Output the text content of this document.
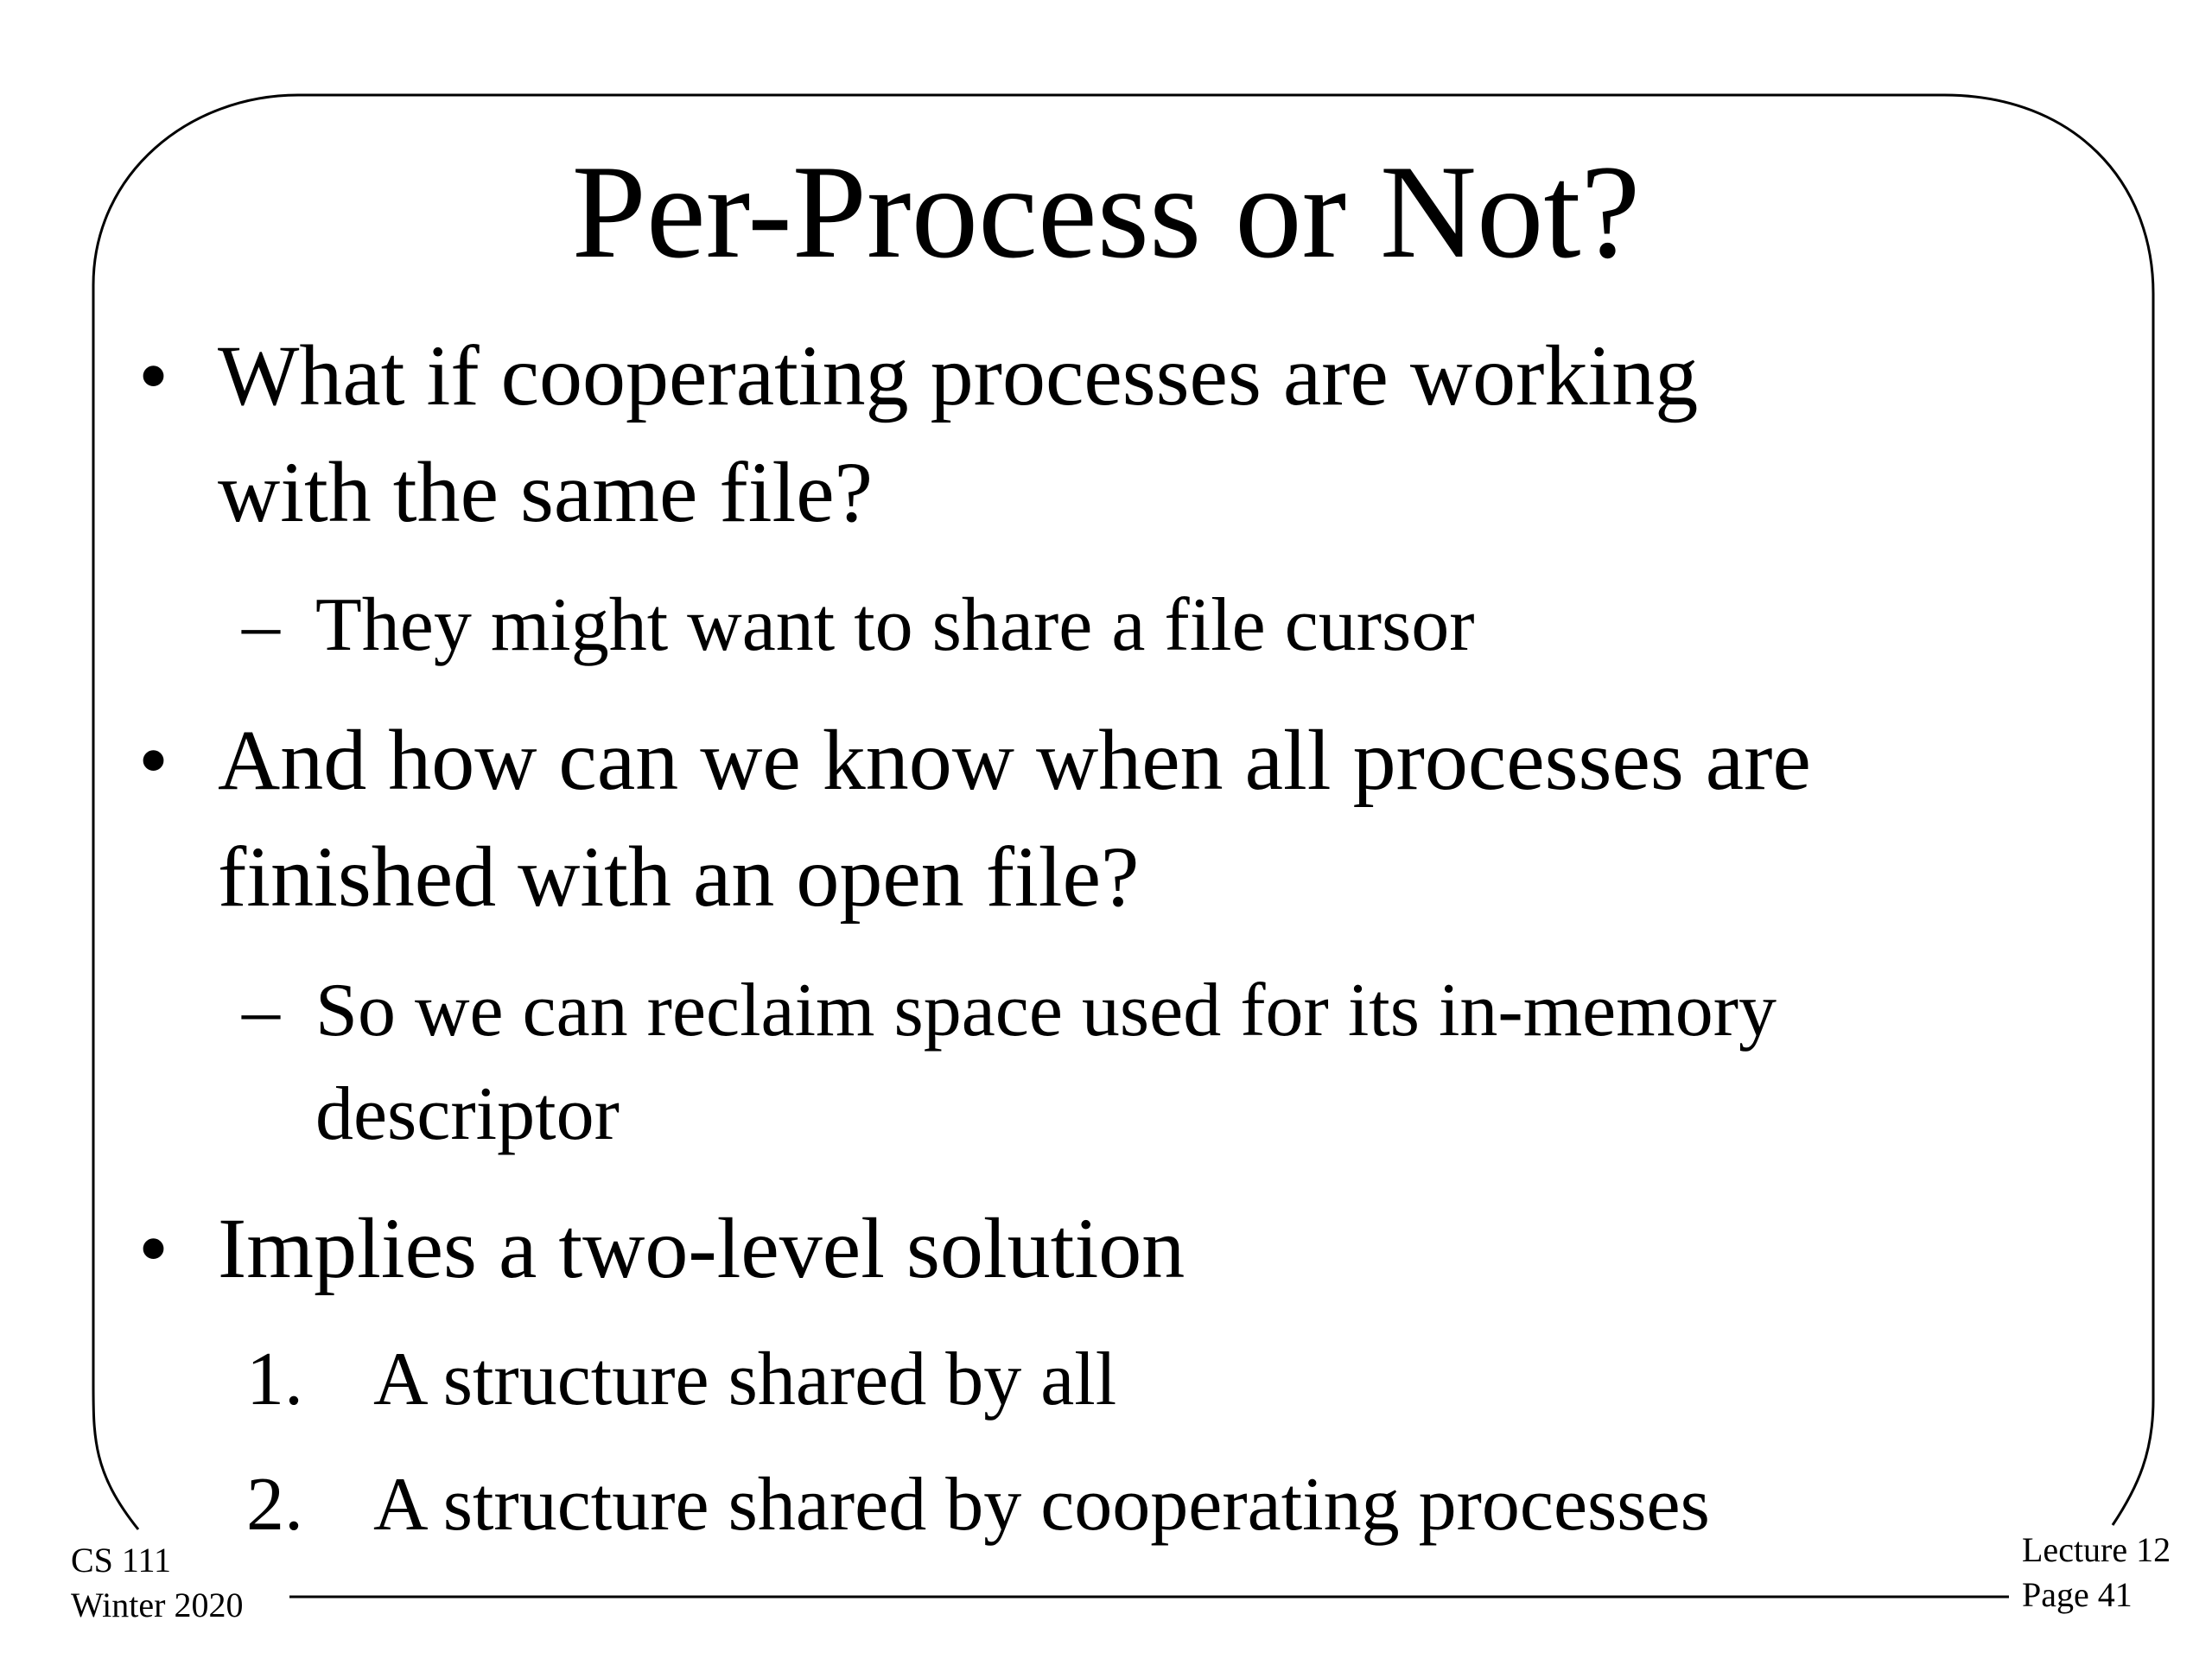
Per-Process or Not?
• What if cooperating processes are working
with the same file?
– They might want to share a file cursor
• And how can we know when all processes are
finished with an open file?
– So we can reclaim space used for its in-memory
descriptor
• Implies a two-level solution
1. A structure shared by all
2. A structure shared by cooperating processes
CS 111
Winter 2020
Lecture 12
Page 41
